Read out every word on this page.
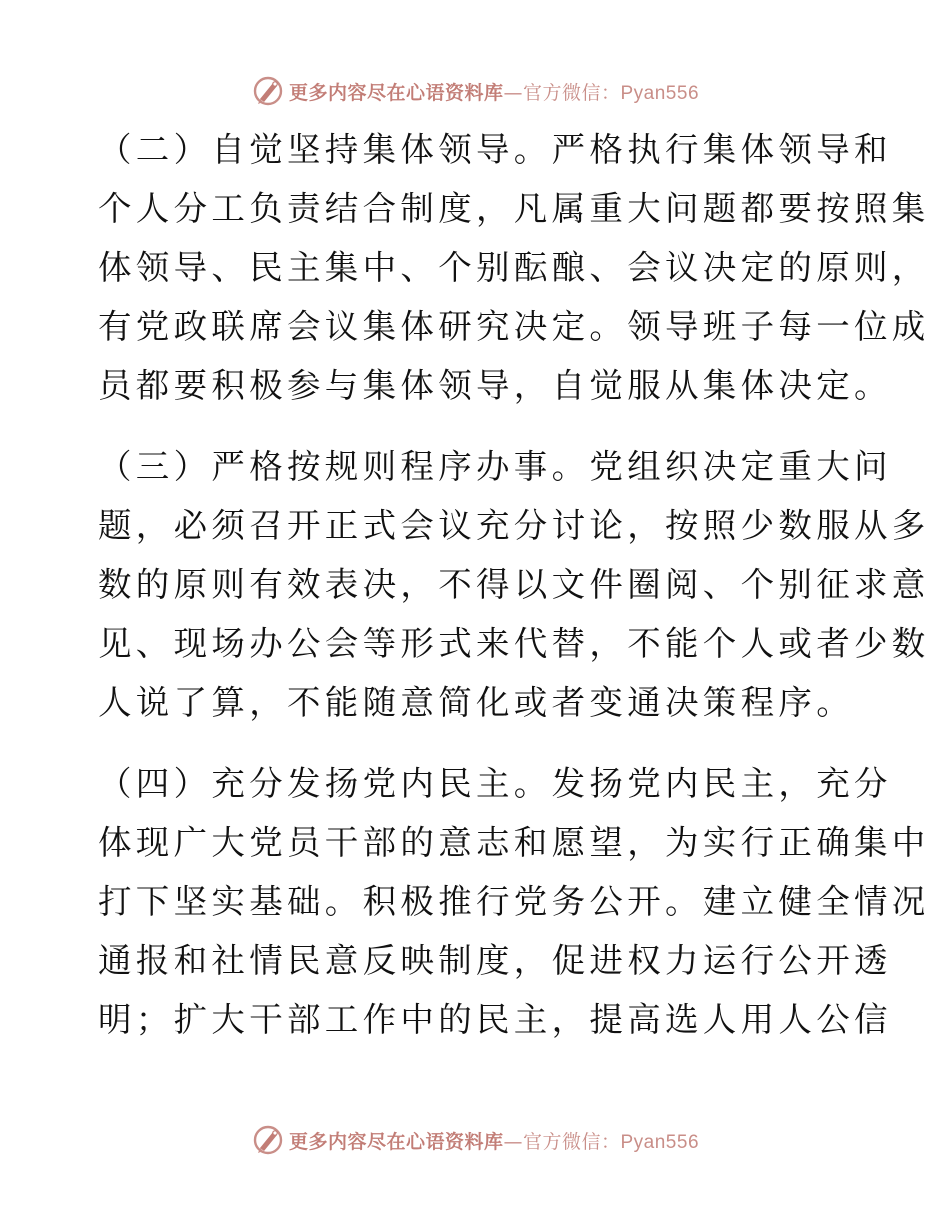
更多内容尽在心语资料库—官方微信：Pyan556

（二）自觉坚持集体领导。严格执行集体领导和
个人分工负责结合制度，凡属重大问题都要按照集
体领导、民主集中、个别酝酿、会议决定的原则，
有党政联席会议集体研究决定。领导班子每一位成
员都要积极参与集体领导，自觉服从集体决定。

（三）严格按规则程序办事。党组织决定重大问
题，必须召开正式会议充分讨论，按照少数服从多
数的原则有效表决，不得以文件圈阅、个别征求意
见、现场办公会等形式来代替，不能个人或者少数
人说了算，不能随意简化或者变通决策程序。

（四）充分发扬党内民主。发扬党内民主，充分
体现广大党员干部的意志和愿望，为实行正确集中
打下坚实基础。积极推行党务公开。建立健全情况
通报和社情民意反映制度，促进权力运行公开透
明；扩大干部工作中的民主，提高选人用人公信

更多内容尽在心语资料库—官方微信：Pyan556
